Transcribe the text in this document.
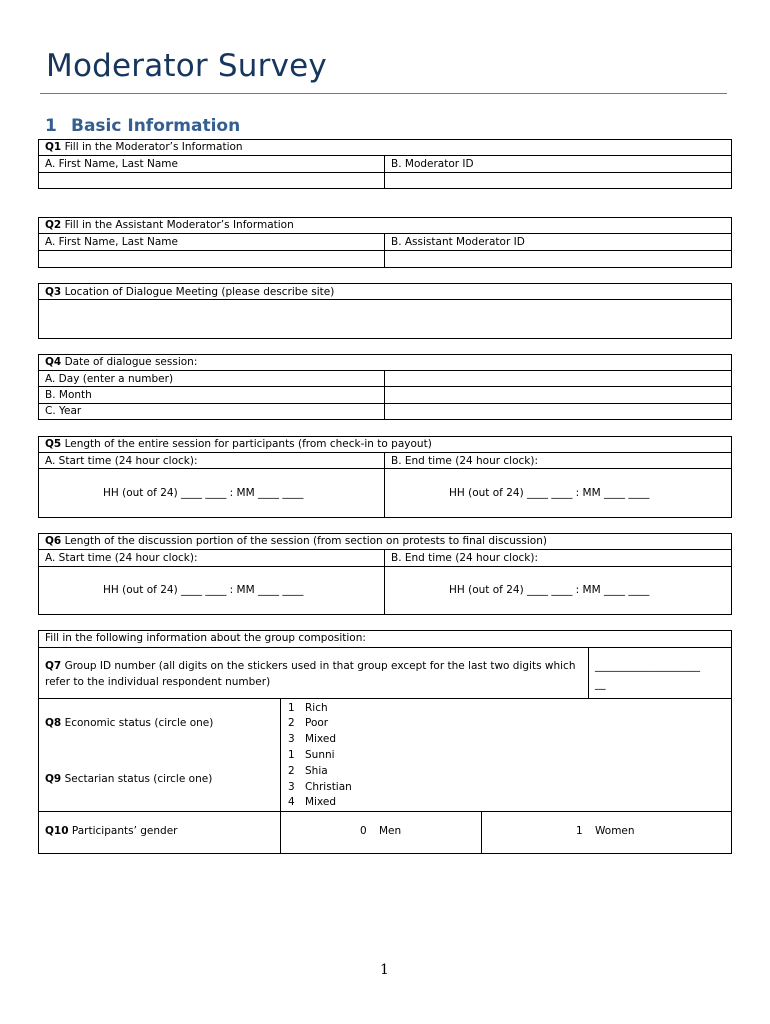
Moderator Survey
1 Basic Information
Q1 Fill in the Moderator’s Information
A. First Name, Last Name	B. Moderator ID
Q2 Fill in the Assistant Moderator’s Information
A. First Name, Last Name	B. Assistant Moderator ID
Q3 Location of Dialogue Meeting (please describe site)
Q4 Date of dialogue session:
A. Day (enter a number)
B. Month
C. Year
Q5 Length of the entire session for participants (from check-in to payout)
A. Start time (24 hour clock):	B. End time (24 hour clock):
HH (out of 24) ____ ____ : MM ____ ____	HH (out of 24) ____ ____ : MM ____ ____
Q6 Length of the discussion portion of the session (from section on protests to final discussion)
A. Start time (24 hour clock):	B. End time (24 hour clock):
HH (out of 24) ____ ____ : MM ____ ____	HH (out of 24) ____ ____ : MM ____ ____
Fill in the following information about the group composition:
Q7 Group ID number (all digits on the stickers used in that group except for the last two digits which
refer to the individual respondent number)
____________________
__
Q8 Economic status (circle one)
1 Rich
2 Poor
3 Mixed
Q9 Sectarian status (circle one)
1 Sunni
2 Shia
3 Christian
4 Mixed
Q10 Participants’ gender	0 Men	1 Women
1
